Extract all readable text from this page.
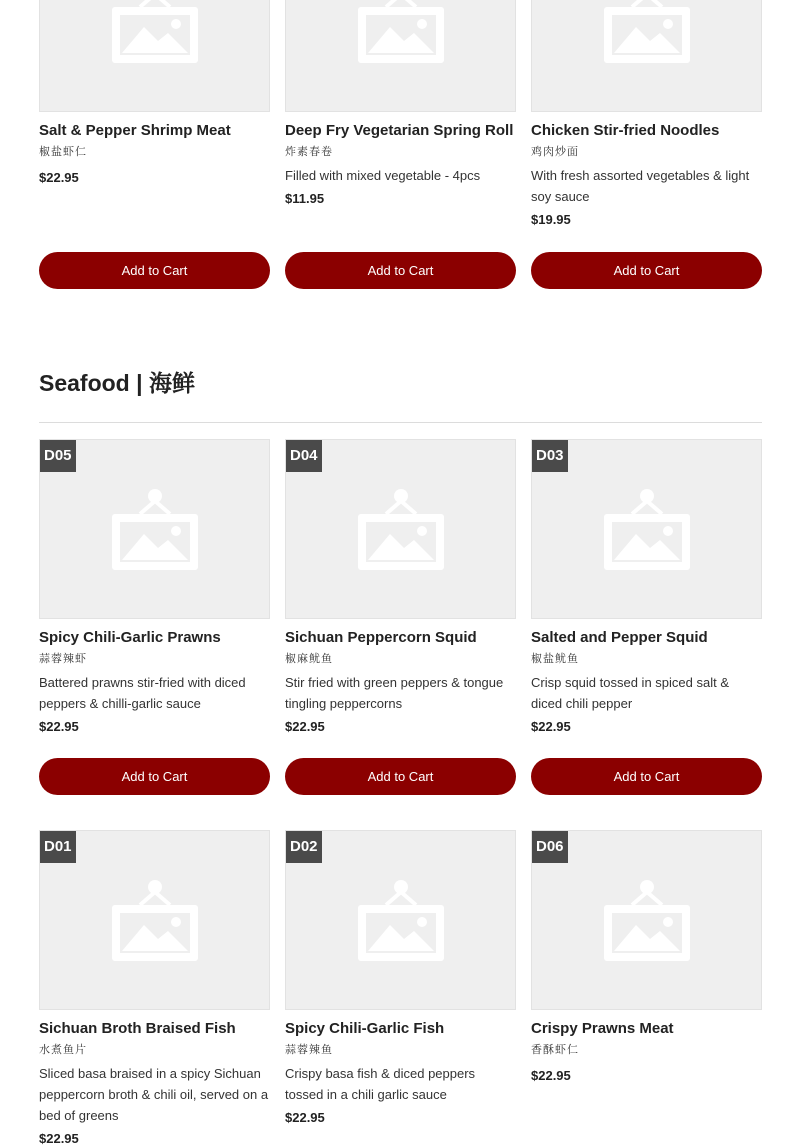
Salt & Pepper Shrimp Meat
椒盐虾仁
$22.95
Add to Cart
Deep Fry Vegetarian Spring Roll
炸素春卷
Filled with mixed vegetable - 4pcs
$11.95
Add to Cart
Chicken Stir-fried Noodles
鸡肉炒面
With fresh assorted vegetables & light soy sauce
$19.95
Add to Cart
Seafood | 海鲜
D05
Spicy Chili-Garlic Prawns
蒜蓉辣虾
Battered prawns stir-fried with diced peppers & chilli-garlic sauce
$22.95
Add to Cart
D04
Sichuan Peppercorn Squid
椒麻鱿鱼
Stir fried with green peppers & tongue tingling peppercorns
$22.95
Add to Cart
D03
Salted and Pepper Squid
椒盐鱿鱼
Crisp squid tossed in spiced salt & diced chili pepper
$22.95
Add to Cart
D01
Sichuan Broth Braised Fish
水煮鱼片
Sliced basa braised in a spicy Sichuan peppercorn broth & chili oil, served on a bed of greens
$22.95
D02
Spicy Chili-Garlic Fish
蒜蓉辣鱼
Crispy basa fish & diced peppers tossed in a chili garlic sauce
$22.95
D06
Crispy Prawns Meat
香酥虾仁
$22.95
